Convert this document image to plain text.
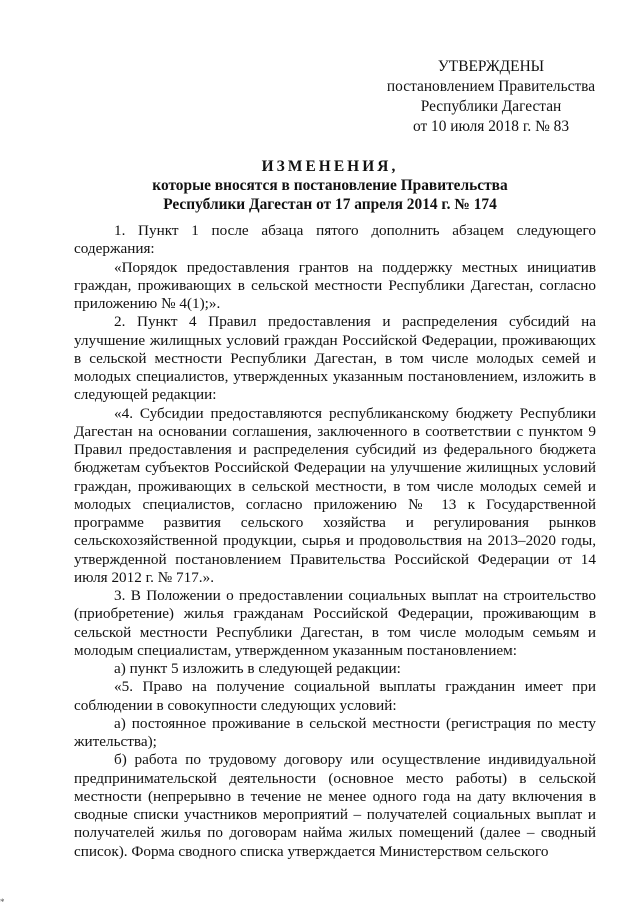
УТВЕРЖДЕНЫ
постановлением Правительства
Республики Дагестан
от 10 июля 2018 г. № 83
ИЗМЕНЕНИЯ,
которые вносятся в постановление Правительства
Республики Дагестан от 17 апреля 2014 г. № 174

1. Пункт 1 после абзаца пятого дополнить абзацем следующего содержания:

«Порядок предоставления грантов на поддержку местных инициатив граждан, проживающих в сельской местности Республики Дагестан, согласно приложению № 4(1);».

2. Пункт 4 Правил предоставления и распределения субсидий на улучшение жилищных условий граждан Российской Федерации, проживающих в сельской местности Республики Дагестан, в том числе молодых семей и молодых специалистов, утвержденных указанным постановлением, изложить в следующей редакции:

«4. Субсидии предоставляются республиканскому бюджету Республики Дагестан на основании соглашения, заключенного в соответствии с пунктом 9 Правил предоставления и распределения субсидий из федерального бюджета бюджетам субъектов Российской Федерации на улучшение жилищных условий граждан, проживающих в сельской местности, в том числе молодых семей и молодых специалистов, согласно приложению № 13 к Государственной программе развития сельского хозяйства и регулирования рынков сельскохозяйственной продукции, сырья и продовольствия на 2013–2020 годы, утвержденной постановлением Правительства Российской Федерации от 14 июля 2012 г. № 717.».

3. В Положении о предоставлении социальных выплат на строительство (приобретение) жилья гражданам Российской Федерации, проживающим в сельской местности Республики Дагестан, в том числе молодым семьям и молодым специалистам, утвержденном указанным постановлением:

а) пункт 5 изложить в следующей редакции:

«5. Право на получение социальной выплаты гражданин имеет при соблюдении в совокупности следующих условий:

а) постоянное проживание в сельской местности (регистрация по месту жительства);

б) работа по трудовому договору или осуществление индивидуальной предпринимательской деятельности (основное место работы) в сельской местности (непрерывно в течение не менее одного года на дату включения в сводные списки участников мероприятий – получателей социальных выплат и получателей жилья по договорам найма жилых помещений (далее – сводный список). Форма сводного списка утверждается Министерством сельского

*
